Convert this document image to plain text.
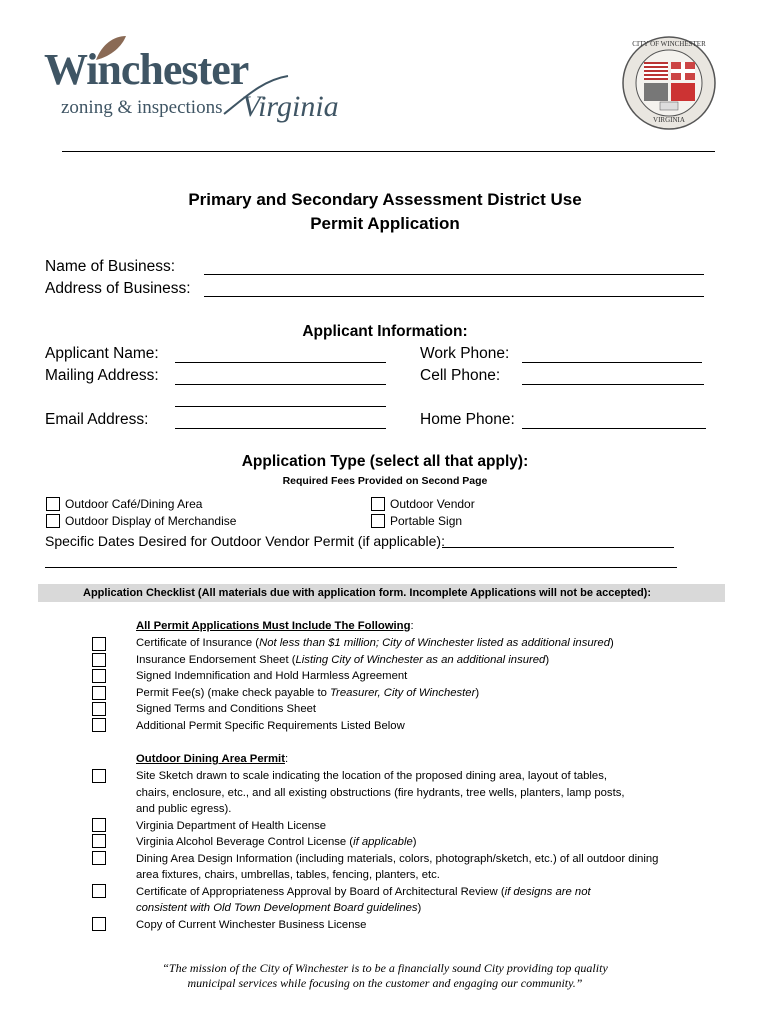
Winchester
zoning & inspections Virginia
CITY OF WINCHESTER
VIRGINIA
Primary and Secondary Assessment District Use
Permit Application
Name of Business:
Address of Business:
Applicant Information:
Applicant Name:	Work Phone:
Mailing Address:	Cell Phone:
Email Address:	Home Phone:
Application Type (select all that apply):
Required Fees Provided on Second Page
Outdoor Café/Dining Area
Outdoor Display of Merchandise
Outdoor Vendor
Portable Sign
Specific Dates Desired for Outdoor Vendor Permit (if applicable):
Application Checklist (All materials due with application form. Incomplete Applications will not be accepted):
All Permit Applications Must Include The Following:
Certificate of Insurance (Not less than $1 million; City of Winchester listed as additional insured)
Insurance Endorsement Sheet (Listing City of Winchester as an additional insured)
Signed Indemnification and Hold Harmless Agreement
Permit Fee(s) (make check payable to Treasurer, City of Winchester)
Signed Terms and Conditions Sheet
Additional Permit Specific Requirements Listed Below
Outdoor Dining Area Permit:
Site Sketch drawn to scale indicating the location of the proposed dining area, layout of tables,
chairs, enclosure, etc., and all existing obstructions (fire hydrants, tree wells, planters, lamp posts,
and public egress).
Virginia Department of Health License
Virginia Alcohol Beverage Control License (if applicable)
Dining Area Design Information (including materials, colors, photograph/sketch, etc.) of all outdoor dining
area fixtures, chairs, umbrellas, tables, fencing, planters, etc.
Certificate of Appropriateness Approval by Board of Architectural Review (if designs are not
consistent with Old Town Development Board guidelines)
Copy of Current Winchester Business License
“The mission of the City of Winchester is to be a financially sound City providing top quality
municipal services while focusing on the customer and engaging our community.”
